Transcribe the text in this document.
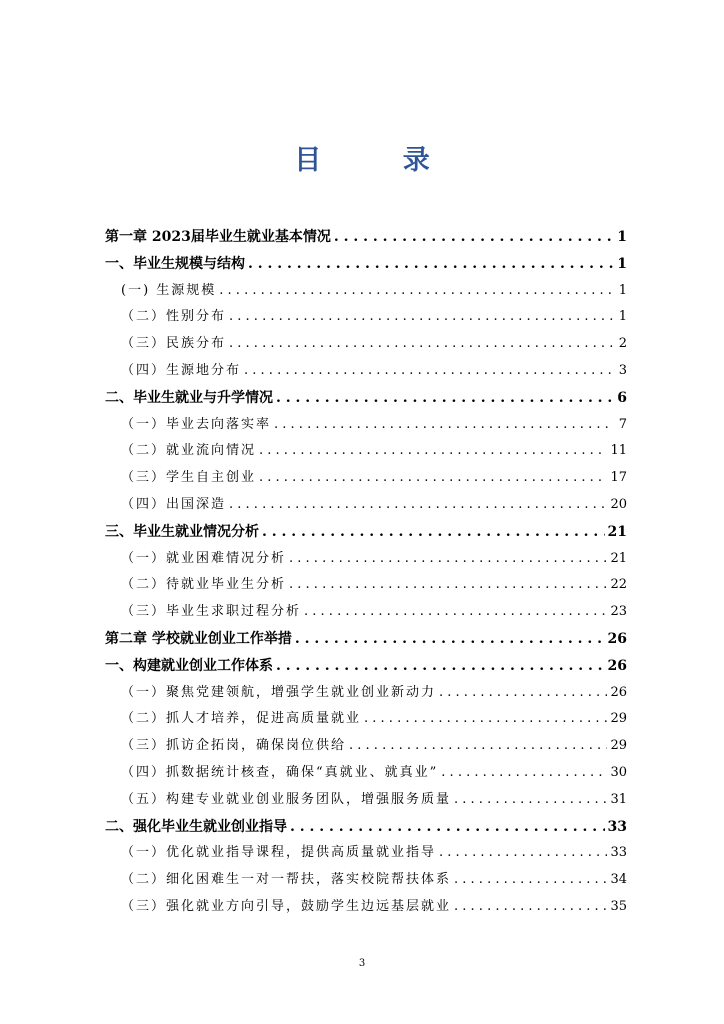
目 录
第一章 2023届毕业生就业基本情况 . . .	1
一、毕业生规模与结构 . . .	1
(一) 生源规模 . . .	1
（二）性别分布 . . .	1
（三）民族分布 . . .	2
（四）生源地分布 . . .	3
二、毕业生就业与升学情况 . . .	6
（一）毕业去向落实率 . . .	7
（二）就业流向情况 . . .	11
（三）学生自主创业 . . .	17
（四）出国深造 . . .	20
三、毕业生就业情况分析 . . .	21
（一）就业困难情况分析 . . .	21
（二）待就业毕业生分析 . . .	22
（三）毕业生求职过程分析 . . .	23
第二章 学校就业创业工作举措 . . .	26
一、构建就业创业工作体系 . . .	26
（一）聚焦党建领航，增强学生就业创业新动力 . . .	26
（二）抓人才培养，促进高质量就业 . . .	29
（三）抓访企拓岗，确保岗位供给 . . .	29
（四）抓数据统计核查，确保“真就业、就真业” . . .	30
（五）构建专业就业创业服务团队，增强服务质量 . . .	31
二、强化毕业生就业创业指导 . . .	33
（一）优化就业指导课程，提供高质量就业指导 . . .	33
（二）细化困难生一对一帮扶，落实校院帮扶体系 . . .	34
（三）强化就业方向引导，鼓励学生边远基层就业 . . .	35
3
